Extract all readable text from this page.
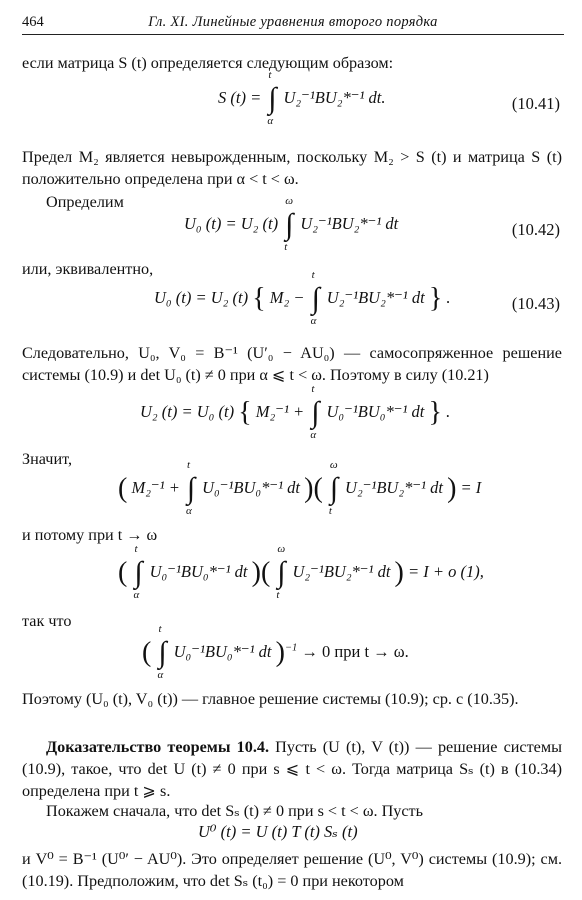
464	Гл. XI. Линейные уравнения второго порядка
если матрица S (t) определяется следующим образом:
S (t) = ∫
t
α
U₂⁻¹BU₂*⁻¹ dt.	(10.41)
Предел M₂ является невырожденным, поскольку M₂ > S (t) и матрица S (t) положительно определена при α < t < ω.
Определим
U₀ (t) = U₂ (t) ∫
ω
t
U₂⁻¹BU₂*⁻¹ dt	(10.42)
или, эквивалентно,
U₀ (t) = U₂ (t) { M₂ − ∫
t
α
U₂⁻¹BU₂*⁻¹ dt } .	(10.43)
Следовательно, U₀, V₀ = B⁻¹ (U′₀ − AU₀) — самосопряженное решение системы (10.9) и det U₀ (t) ≠ 0 при α ⩽ t < ω. Поэтому в силу (10.21)
U₂ (t) = U₀ (t) { M₂⁻¹ + ∫
t
α
U₀⁻¹BU₀*⁻¹ dt } .
Значит,
( M₂⁻¹ + ∫
t
α
U₀⁻¹BU₀*⁻¹ dt )( ∫
ω
t
U₂⁻¹BU₂*⁻¹ dt ) = I
и потому при t → ω
( ∫
t
α
U₀⁻¹BU₀*⁻¹ dt )( ∫
ω
t
U₂⁻¹BU₂*⁻¹ dt ) = I + o (1),
так что
( ∫
t
α
U₀⁻¹BU₀*⁻¹ dt )$^{-1}$ → 0 при t → ω.
Поэтому (U₀ (t), V₀ (t)) — главное решение системы (10.9); ср. с (10.35).
Доказательство теоремы 10.4. Пусть (U (t), V (t)) — решение системы (10.9), такое, что det U (t) ≠ 0 при s ⩽ t < ω. Тогда матрица Sₛ (t) в (10.34) определена при t ⩾ s.
Покажем сначала, что det Sₛ (t) ≠ 0 при s < t < ω. Пусть
U⁰ (t) = U (t) T (t) Sₛ (t)
и V⁰ = B⁻¹ (U⁰′ − AU⁰). Это определяет решение (U⁰, V⁰) системы (10.9); см. (10.19). Предположим, что det Sₛ (t₀) = 0 при некотором
